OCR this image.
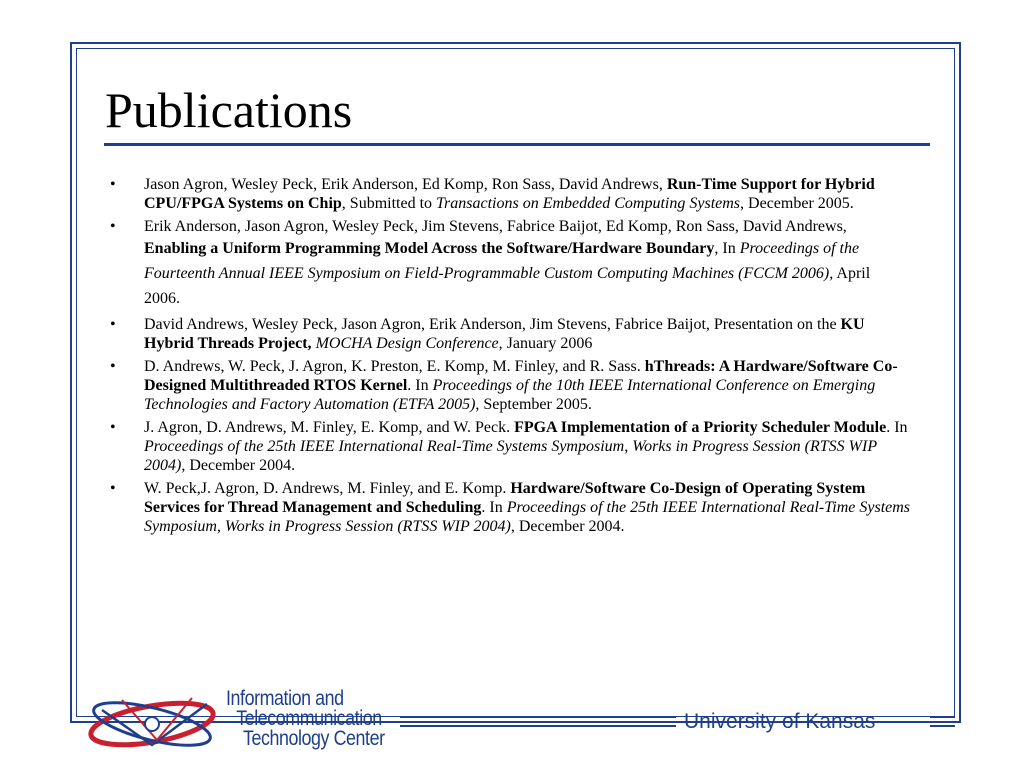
Publications
• Jason Agron, Wesley Peck, Erik Anderson, Ed Komp, Ron Sass, David Andrews, Run-Time Support for Hybrid CPU/FPGA Systems on Chip, Submitted to Transactions on Embedded Computing Systems, December 2005.
• Erik Anderson, Jason Agron, Wesley Peck, Jim Stevens, Fabrice Baijot, Ed Komp, Ron Sass, David Andrews, Enabling a Uniform Programming Model Across the Software/Hardware Boundary, In Proceedings of the Fourteenth Annual IEEE Symposium on Field-Programmable Custom Computing Machines (FCCM 2006), April 2006.
• David Andrews, Wesley Peck, Jason Agron, Erik Anderson, Jim Stevens, Fabrice Baijot, Presentation on the KU Hybrid Threads Project, MOCHA Design Conference, January 2006
• D. Andrews, W. Peck, J. Agron, K. Preston, E. Komp, M. Finley, and R. Sass. hThreads: A Hardware/Software Co-Designed Multithreaded RTOS Kernel. In Proceedings of the 10th IEEE International Conference on Emerging Technologies and Factory Automation (ETFA 2005), September 2005.
• J. Agron, D. Andrews, M. Finley, E. Komp, and W. Peck. FPGA Implementation of a Priority Scheduler Module. In Proceedings of the 25th IEEE International Real-Time Systems Symposium, Works in Progress Session (RTSS WIP 2004), December 2004.
• W. Peck,J. Agron, D. Andrews, M. Finley, and E. Komp. Hardware/Software Co-Design of Operating System Services for Thread Management and Scheduling. In Proceedings of the 25th IEEE International Real-Time Systems Symposium, Works in Progress Session (RTSS WIP 2004), December 2004.
Information and
Telecommunication
Technology Center
University of Kansas
